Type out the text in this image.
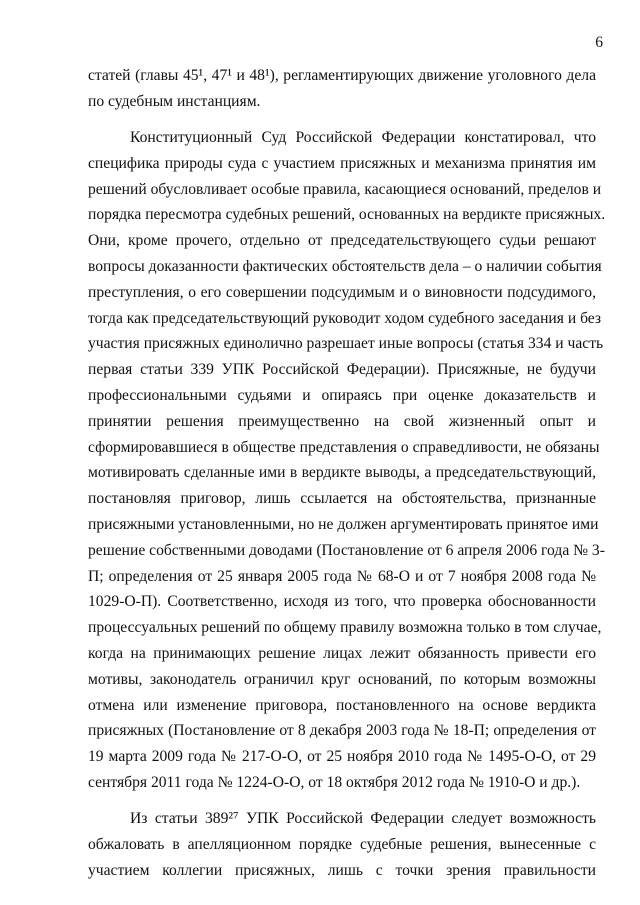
6
статей (главы 45¹, 47¹ и 48¹), регламентирующих движение уголовного дела
по судебным инстанциям.
Конституционный Суд Российской Федерации констатировал, что
специфика природы суда с участием присяжных и механизма принятия им
решений обусловливает особые правила, касающиеся оснований, пределов и
порядка пересмотра судебных решений, основанных на вердикте присяжных.
Они, кроме прочего, отдельно от председательствующего судьи решают
вопросы доказанности фактических обстоятельств дела – о наличии события
преступления, о его совершении подсудимым и о виновности подсудимого,
тогда как председательствующий руководит ходом судебного заседания и без
участия присяжных единолично разрешает иные вопросы (статья 334 и часть
первая статьи 339 УПК Российской Федерации). Присяжные, не будучи
профессиональными судьями и опираясь при оценке доказательств и
принятии решения преимущественно на свой жизненный опыт и
сформировавшиеся в обществе представления о справедливости, не обязаны
мотивировать сделанные ими в вердикте выводы, а председательствующий,
постановляя приговор, лишь ссылается на обстоятельства, признанные
присяжными установленными, но не должен аргументировать принятое ими
решение собственными доводами (Постановление от 6 апреля 2006 года № 3-
П; определения от 25 января 2005 года № 68-О и от 7 ноября 2008 года №
1029-О-П). Соответственно, исходя из того, что проверка обоснованности
процессуальных решений по общему правилу возможна только в том случае,
когда на принимающих решение лицах лежит обязанность привести его
мотивы, законодатель ограничил круг оснований, по которым возможны
отмена или изменение приговора, постановленного на основе вердикта
присяжных (Постановление от 8 декабря 2003 года № 18-П; определения от
19 марта 2009 года № 217-О-О, от 25 ноября 2010 года № 1495-О-О, от 29
сентября 2011 года № 1224-О-О, от 18 октября 2012 года № 1910-О и др.).
Из статьи 389²⁷ УПК Российской Федерации следует возможность
обжаловать в апелляционном порядке судебные решения, вынесенные с
участием коллегии присяжных, лишь с точки зрения правильности
